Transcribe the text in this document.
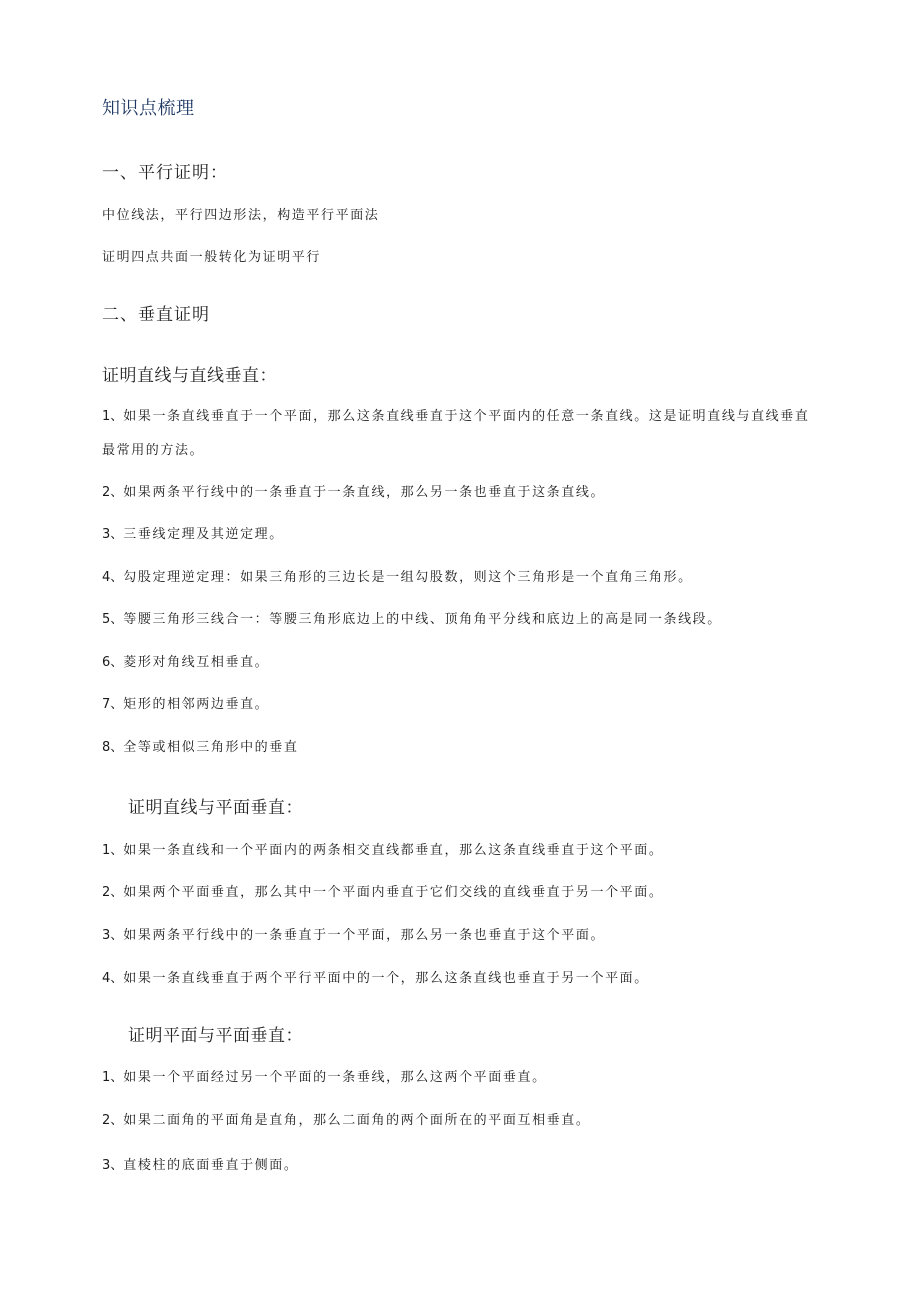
知识点梳理
一、平行证明：
中位线法，平行四边形法，构造平行平面法
证明四点共面一般转化为证明平行
二、垂直证明
证明直线与直线垂直：

1、如果一条直线垂直于一个平面，那么这条直线垂直于这个平面内的任意一条直线。这是证明直线与直线垂直最常用的方法。

2、如果两条平行线中的一条垂直于一条直线，那么另一条也垂直于这条直线。
3、三垂线定理及其逆定理。
4、勾股定理逆定理：如果三角形的三边长是一组勾股数，则这个三角形是一个直角三角形。
5、等腰三角形三线合一：等腰三角形底边上的中线、顶角角平分线和底边上的高是同一条线段。
6、菱形对角线互相垂直。
7、矩形的相邻两边垂直。
8、全等或相似三角形中的垂直
证明直线与平面垂直：
1、如果一条直线和一个平面内的两条相交直线都垂直，那么这条直线垂直于这个平面。
2、如果两个平面垂直，那么其中一个平面内垂直于它们交线的直线垂直于另一个平面。
3、如果两条平行线中的一条垂直于一个平面，那么另一条也垂直于这个平面。
4、如果一条直线垂直于两个平行平面中的一个，那么这条直线也垂直于另一个平面。
证明平面与平面垂直：
1、如果一个平面经过另一个平面的一条垂线，那么这两个平面垂直。
2、如果二面角的平面角是直角，那么二面角的两个面所在的平面互相垂直。
3、直棱柱的底面垂直于侧面。
